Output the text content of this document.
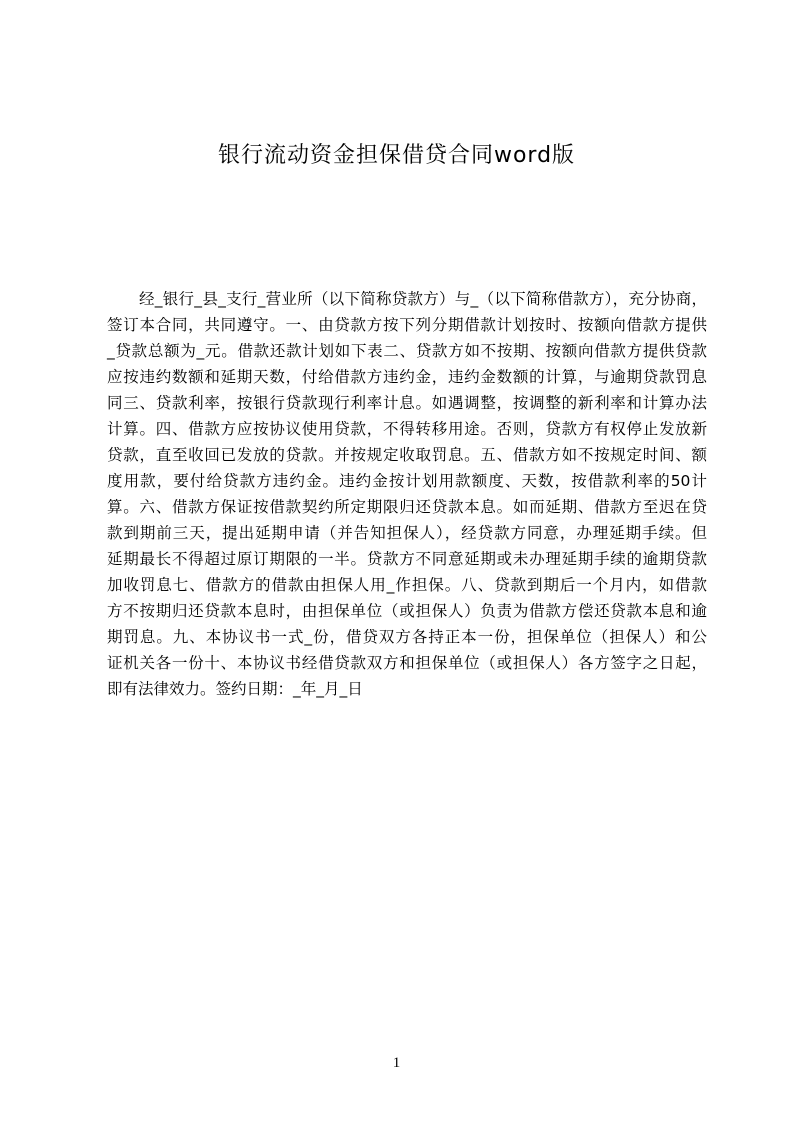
银行流动资金担保借贷合同word版
经_银行_县_支行_营业所（以下简称贷款方）与_（以下简称借款方），充分协商，
签订本合同，共同遵守。一、由贷款方按下列分期借款计划按时、按额向借款方提供
_贷款总额为_元。借款还款计划如下表二、贷款方如不按期、按额向借款方提供贷款
应按违约数额和延期天数，付给借款方违约金，违约金数额的计算，与逾期贷款罚息
同三、贷款利率，按银行贷款现行利率计息。如遇调整，按调整的新利率和计算办法
计算。四、借款方应按协议使用贷款，不得转移用途。否则，贷款方有权停止发放新
贷款，直至收回已发放的贷款。并按规定收取罚息。五、借款方如不按规定时间、额
度用款，要付给贷款方违约金。违约金按计划用款额度、天数，按借款利率的50计
算。六、借款方保证按借款契约所定期限归还贷款本息。如而延期、借款方至迟在贷
款到期前三天，提出延期申请（并告知担保人），经贷款方同意，办理延期手续。但
延期最长不得超过原订期限的一半。贷款方不同意延期或未办理延期手续的逾期贷款
加收罚息七、借款方的借款由担保人用_作担保。八、贷款到期后一个月内，如借款
方不按期归还贷款本息时，由担保单位（或担保人）负责为借款方偿还贷款本息和逾
期罚息。九、本协议书一式_份，借贷双方各持正本一份，担保单位（担保人）和公
证机关各一份十、本协议书经借贷款双方和担保单位（或担保人）各方签字之日起，
即有法律效力。签约日期：_年_月_日
1
